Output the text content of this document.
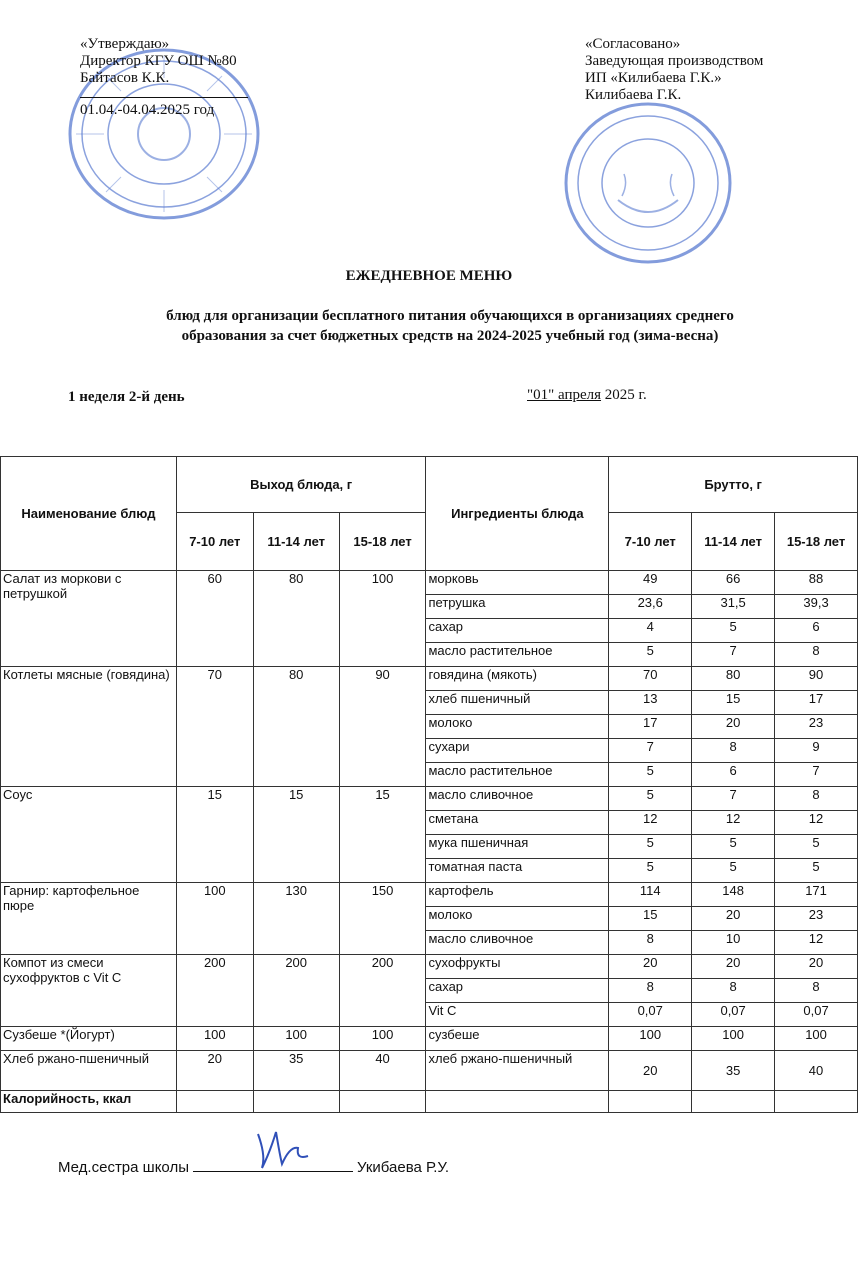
«Утверждаю»
Директор КГУ ОШ №80
Байтасов К.К.
01.04.-04.04.2025 год
«Согласовано»
Заведующая производством
ИП «Килибаева Г.К.»
Килибаева Г.К.
ЕЖЕДНЕВНОЕ МЕНЮ
блюд для организации бесплатного питания обучающихся в организациях среднего
образования за счет бюджетных средств на 2024-2025 учебный год (зима-весна)
1 неделя 2-й день	"01" апреля 2025 г.
Наименование блюд	Выход блюда, г			Ингредиенты блюда	Брутто, г		
	7-10 лет	11-14 лет	15-18 лет		7-10 лет	11-14 лет	15-18 лет
Салат из моркови с петрушкой	60	80	100	морковь	49	66	88
				петрушка	23,6	31,5	39,3
				сахар	4	5	6
				масло растительное	5	7	8
Котлеты мясные (говядина)	70	80	90	говядина (мякоть)	70	80	90
				хлеб пшеничный	13	15	17
				молоко	17	20	23
				сухари	7	8	9
				масло растительное	5	6	7
Соус	15	15	15	масло сливочное	5	7	8
				сметана	12	12	12
				мука пшеничная	5	5	5
				томатная паста	5	5	5
Гарнир: картофельное пюре	100	130	150	картофель	114	148	171
				молоко	15	20	23
				масло сливочное	8	10	12
Компот из смеси сухофруктов с Vit C	200	200	200	сухофрукты	20	20	20
				сахар	8	8	8
				Vit C	0,07	0,07	0,07
Сузбеше *(Йогурт)	100	100	100	сузбеше	100	100	100
Хлеб ржано-пшеничный	20	35	40	хлеб ржано-пшеничный	20	35	40
Калорийность, ккал							
Мед.сестра школы	Укибаева Р.У.
